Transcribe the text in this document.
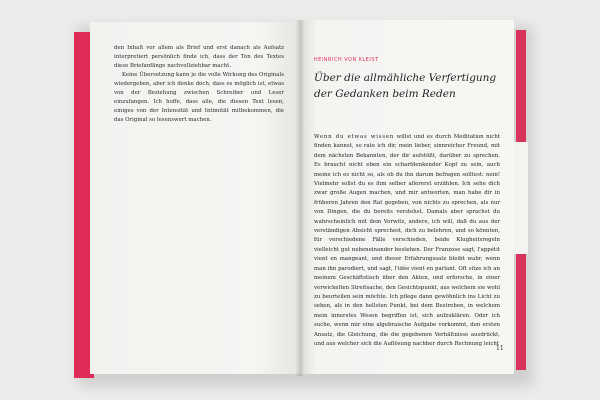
den Inhalt vor allem als Brief und erst danach als Aufsatz interpretiert persönlich finde ich, dass der Ton des Textes diese Briefanfänge nachvollziehbar macht.

Keine Übersetzung kann je die volle Wirkung des Originals wiedergeben, aber ich denke doch, dass es möglich ist, etwas von der Beziehung zwischen Schreiber und Leser einzufangen. Ich hoffe, dass alle, die diesen Text lesen, einiges von der Intensität und Intimität mitbekommen, die das Original so lesenswert machen.

HEINRICH VON KLEIST
Über die allmähliche Verfertigung
der Gedanken beim Reden

Wenn du etwas wissen willst und es durch Meditation nicht finden kannst, so rate ich dir, mein lieber, sinnreicher Freund, mit dem nächsten Bekannten, der dir aufstößt, darüber zu sprechen. Es braucht nicht eben ein scharfdenkender Kopf zu sein, auch meine ich es nicht so, als ob du ihn darum befragen solltest: nein! Vielmehr sollst du es ihm selber allererst erzählen. Ich sehe dich zwar große Augen machen, und mir antworten, man habe dir in früheren Jahren den Rat gegeben, von nichts zu sprechen, als nur von Dingen, die du bereits verstehst. Damals aber sprachst du wahrscheinlich mit dem Vorwitz, andere, ich will, daß du aus der verständigen Absicht sprechest, dich zu belehren, und so könnten, für verschiedene Fälle verschieden, beide Klugheitsregeln vielleicht gut nebeneinander bestehen. Der Franzose sagt, l'appétit vient en mangeant, und dieser Erfahrungssatz bleibt wahr, wenn man ihn parodiert, und sagt, l'idée vient en parlant. Oft sitze ich an meinem Geschäftstisch über den Akten, und erforsche, in einer verwickelten Streitsache, den Gesichtspunkt, aus welchem sie wohl zu beurteilen sein möchte. Ich pflege dann gewöhnlich ins Licht zu sehen, als in den hellsten Punkt, bei dem Bestreben, in welchem mein innerstes Wesen begriffen ist, sich aufzuklären. Oder ich suche, wenn mir eine algebraische Aufgabe vorkommt, den ersten Ansatz, die Gleichung, die die gegebenen Verhältnisse ausdrückt, und aus welcher sich die Auflösung nachher durch Rechnung leicht

11
